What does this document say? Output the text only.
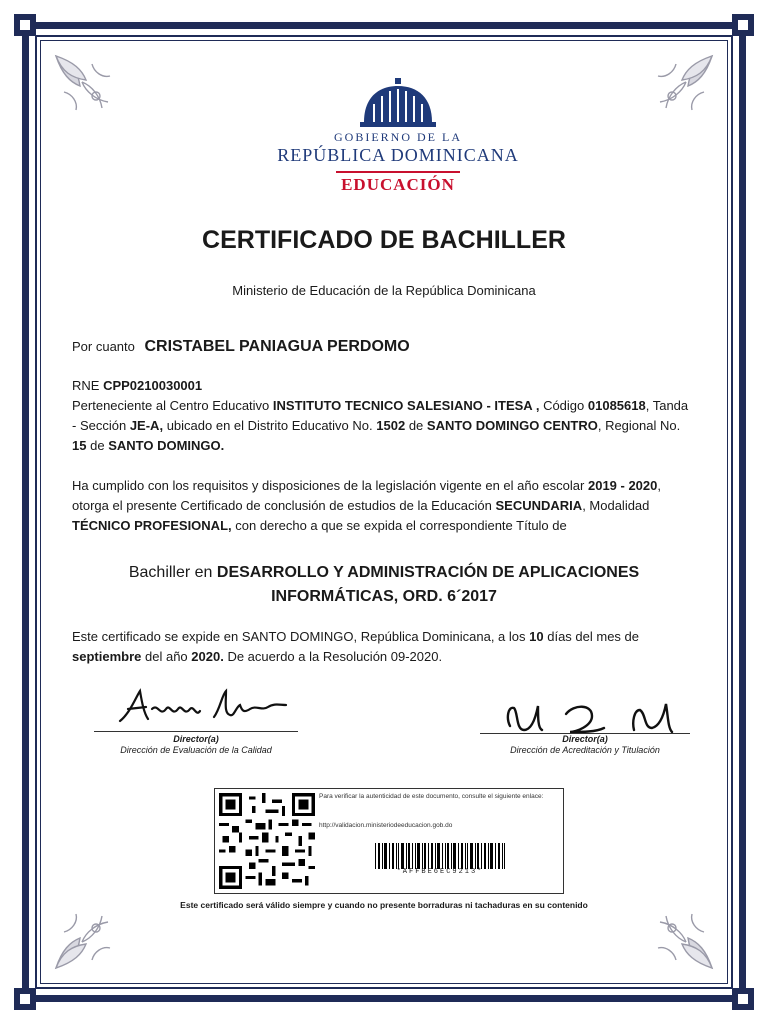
GOBIERNO DE LA
REPÚBLICA DOMINICANA
EDUCACIÓN
CERTIFICADO DE BACHILLER
Ministerio de Educación de la República Dominicana
Por cuanto CRISTABEL PANIAGUA PERDOMO
RNE CPP0210030001
Perteneciente al Centro Educativo INSTITUTO TECNICO SALESIANO - ITESA , Código 01085618, Tanda - Sección JE-A, ubicado en el Distrito Educativo No. 1502 de SANTO DOMINGO CENTRO, Regional No. 15 de SANTO DOMINGO.
Ha cumplido con los requisitos y disposiciones de la legislación vigente en el año escolar 2019 - 2020, otorga el presente Certificado de conclusión de estudios de la Educación SECUNDARIA, Modalidad TÉCNICO PROFESIONAL, con derecho a que se expida el correspondiente Título de
Bachiller en DESARROLLO Y ADMINISTRACIÓN DE APLICACIONES INFORMÁTICAS, ORD. 6´2017
Este certificado se expide en SANTO DOMINGO, República Dominicana, a los 10 días del mes de septiembre del año 2020. De acuerdo a la Resolución 09-2020.
Director(a)
Dirección de Evaluación de la Calidad
Director(a)
Dirección de Acreditación y Titulación
Para verificar la autenticidad de este documento, consulte el siguiente enlace:
http://validacion.ministeriodeeducacion.gob.do
*AFFBE6EC9213*
Este certificado será válido siempre y cuando no presente borraduras ni tachaduras en su contenido
